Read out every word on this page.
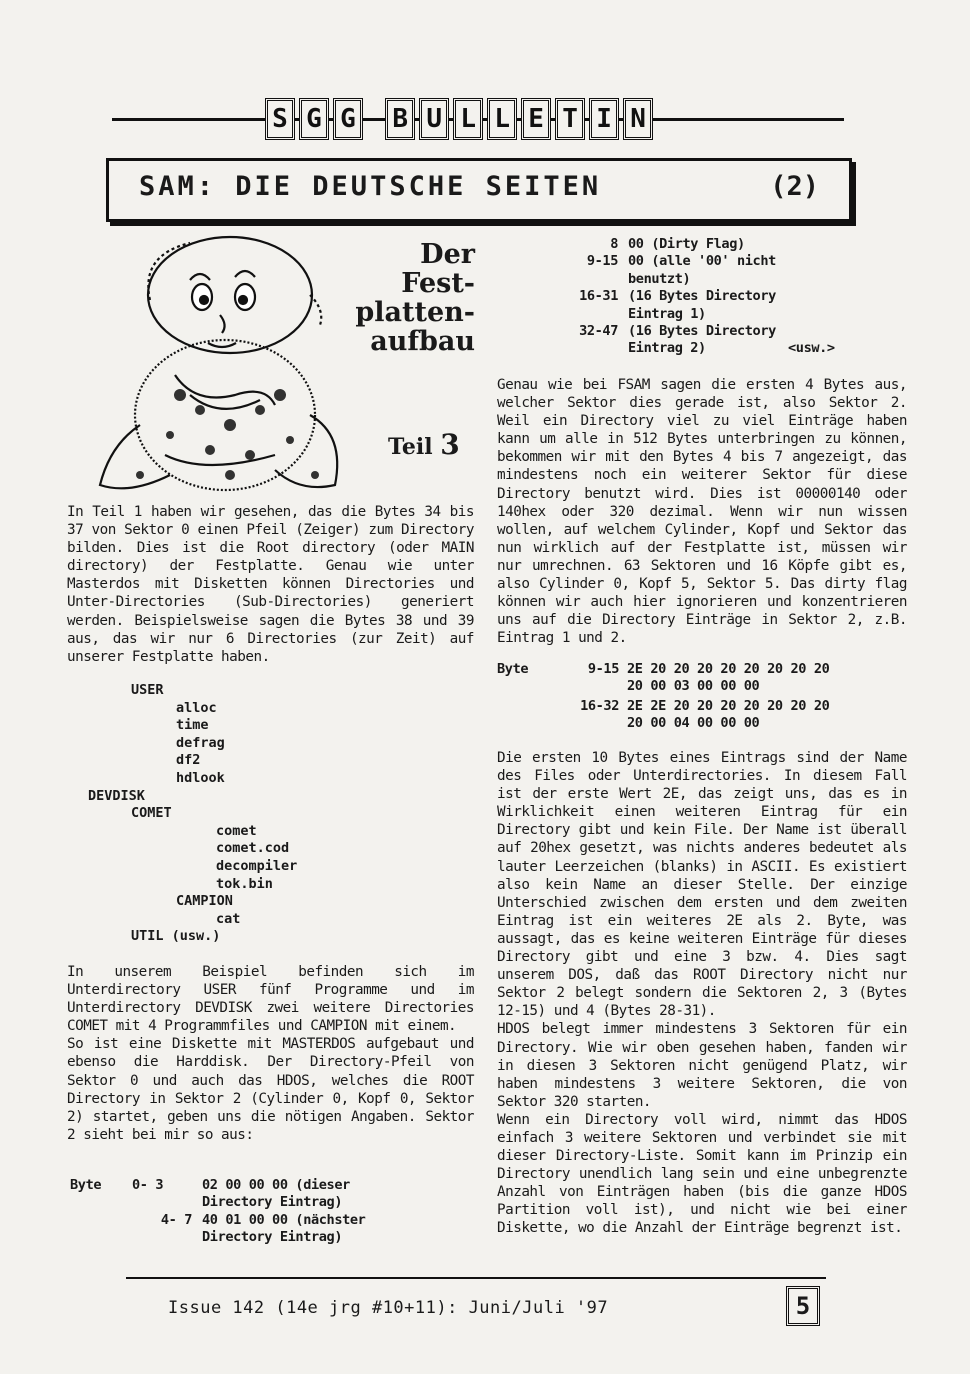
S G G B U L L E T I N
SAM: DIE DEUTSCHE SEITEN	(2)
Der
Fest-
platten-
aufbau
Teil 3

In Teil 1 haben wir gesehen, das die Bytes 34 bis 37 von Sektor 0 einen Pfeil (Zeiger) zum Directory bilden. Dies ist die Root directory (oder MAIN directory) der Festplatte. Genau wie unter Masterdos mit Disketten können Directories und Unter-Directories (Sub-Directories) generiert werden. Beispielsweise sagen die Bytes 38 und 39 aus, das wir nur 6 Directories (zur Zeit) auf unserer Festplatte haben.

USER
alloc
time
defrag
df2
hdlook
DEVDISK
COMET
comet
comet.cod
decompiler
tok.bin
CAMPION
cat
UTIL (usw.)

In unserem Beispiel befinden sich im Unterdirectory USER fünf Programme und im Unterdirectory DEVDISK zwei weitere Directories COMET mit 4 Programmfiles und CAMPION mit einem.

So ist eine Diskette mit MASTERDOS aufgebaut und ebenso die Harddisk. Der Directory-Pfeil von Sektor 0 und auch das HDOS, welches die ROOT Directory in Sektor 2 (Cylinder 0, Kopf 0, Sektor 2) startet, geben uns die nötigen Angaben. Sektor 2 sieht bei mir so aus:

Byte	0- 3	02 00 00 00 (dieser
Directory Eintrag)
4- 7 40 01 00 00 (nächster
Directory Eintrag)
8 00 (Dirty Flag)
9-15 00 (alle '00' nicht
benutzt)
16-31 (16 Bytes Directory
Eintrag 1)
32-47 (16 Bytes Directory
Eintrag 2)	<usw.>

Genau wie bei FSAM sagen die ersten 4 Bytes aus, welcher Sektor dies gerade ist, also Sektor 2. Weil ein Directory viel zu viel Einträge haben kann um alle in 512 Bytes unterbringen zu können, bekommen wir mit den Bytes 4 bis 7 angezeigt, das mindestens noch ein weiterer Sektor für diese Directory benutzt wird. Dies ist 00000140 oder 140hex oder 320 dezimal. Wenn wir nun wissen wollen, auf welchem Cylinder, Kopf und Sektor das nun wirklich auf der Festplatte ist, müssen wir nur umrechnen. 63 Sektoren und 16 Köpfe gibt es, also Cylinder 0, Kopf 5, Sektor 5. Das dirty flag können wir auch hier ignorieren und konzentrieren uns auf die Directory Einträge in Sektor 2, z.B. Eintrag 1 und 2.

Byte	9-15 2E 20 20 20 20 20 20 20 20
20 00 03 00 00 00
16-32 2E 2E 20 20 20 20 20 20 20
20 00 04 00 00 00

Die ersten 10 Bytes eines Eintrags sind der Name des Files oder Unterdirectories. In diesem Fall ist der erste Wert 2E, das zeigt uns, das es in Wirklichkeit einen weiteren Eintrag für ein Directory gibt und kein File. Der Name ist überall auf 20hex gesetzt, was nichts anderes bedeutet als lauter Leerzeichen (blanks) in ASCII. Es existiert also kein Name an dieser Stelle. Der einzige Unterschied zwischen dem ersten und dem zweiten Eintrag ist ein weiteres 2E als 2. Byte, was aussagt, das es keine weiteren Einträge für dieses Directory gibt und eine 3 bzw. 4. Dies sagt unserem DOS, daß das ROOT Directory nicht nur Sektor 2 belegt sondern die Sektoren 2, 3 (Bytes 12-15) und 4 (Bytes 28-31).

HDOS belegt immer mindestens 3 Sektoren für ein Directory. Wie wir oben gesehen haben, fanden wir in diesen 3 Sektoren nicht genügend Platz, wir haben mindestens 3 weitere Sektoren, die von Sektor 320 starten.

Wenn ein Directory voll wird, nimmt das HDOS einfach 3 weitere Sektoren und verbindet sie mit dieser Directory-Liste. Somit kann im Prinzip ein Directory unendlich lang sein und eine unbegrenzte Anzahl von Einträgen haben (bis die ganze HDOS Partition voll ist), und nicht wie bei einer Diskette, wo die Anzahl der Einträge begrenzt ist.

Issue 142 (14e jrg #10+11): Juni/Juli '97	5
